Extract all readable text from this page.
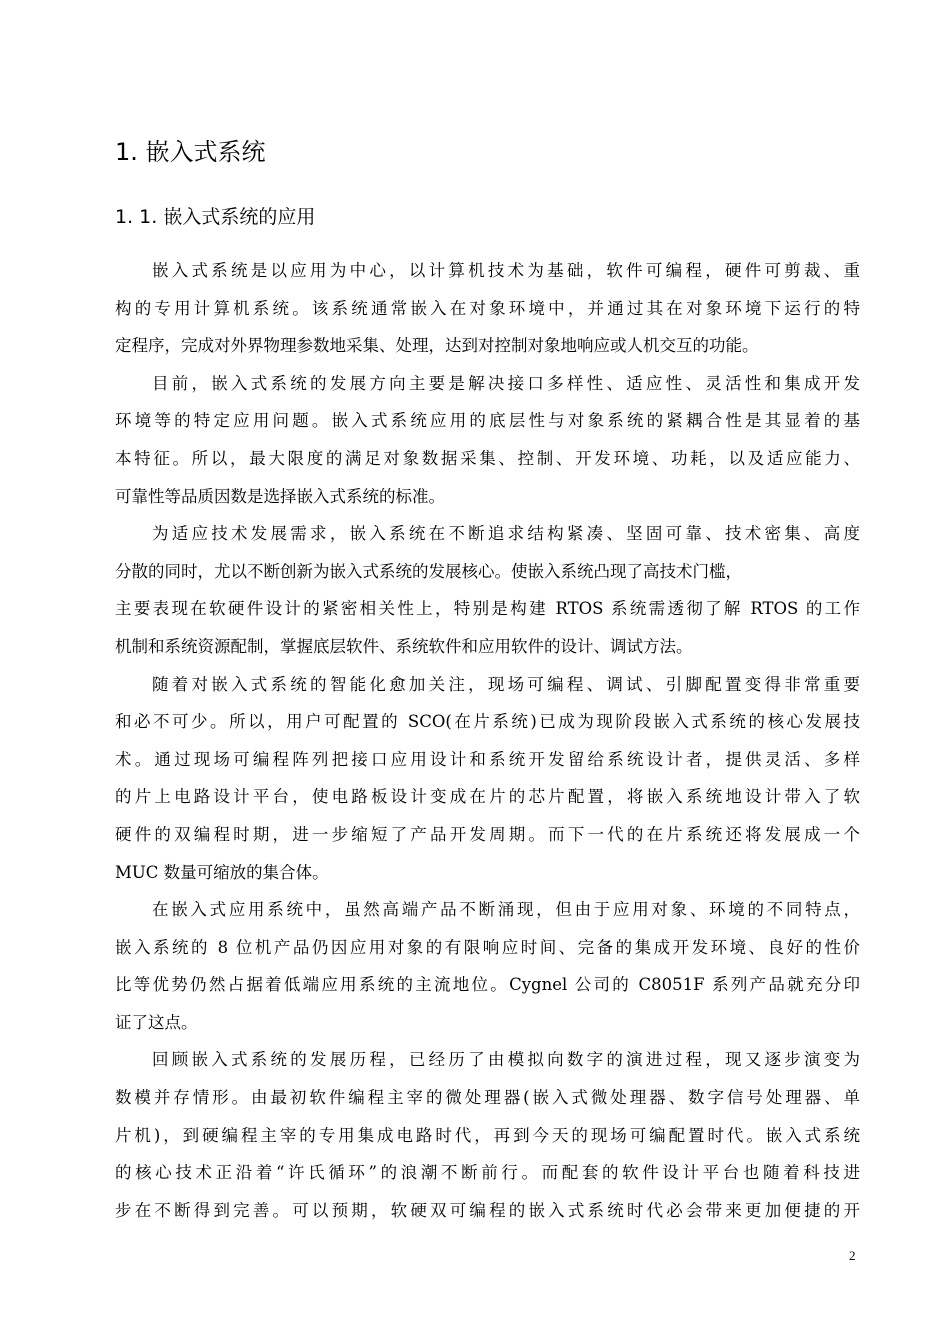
1. 嵌入式系统
1. 1. 嵌入式系统的应用
嵌入式系统是以应用为中心，以计算机技术为基础，软件可编程，硬件可剪裁、重
构的专用计算机系统。该系统通常嵌入在对象环境中，并通过其在对象环境下运行的特
定程序，完成对外界物理参数地采集、处理，达到对控制对象地响应或人机交互的功能。
目前，嵌入式系统的发展方向主要是解决接口多样性、适应性、灵活性和集成开发
环境等的特定应用问题。嵌入式系统应用的底层性与对象系统的紧耦合性是其显着的基
本特征。所以，最大限度的满足对象数据采集、控制、开发环境、功耗，以及适应能力、
可靠性等品质因数是选择嵌入式系统的标准。
为适应技术发展需求，嵌入系统在不断追求结构紧凑、坚固可靠、技术密集、高度
分散的同时，尤以不断创新为嵌入式系统的发展核心。使嵌入系统凸现了高技术门槛，
主要表现在软硬件设计的紧密相关性上，特别是构建 RTOS 系统需透彻了解 RTOS 的工作
机制和系统资源配制，掌握底层软件、系统软件和应用软件的设计、调试方法。
随着对嵌入式系统的智能化愈加关注，现场可编程、调试、引脚配置变得非常重要
和必不可少。所以，用户可配置的 SCO(在片系统)已成为现阶段嵌入式系统的核心发展技
术。通过现场可编程阵列把接口应用设计和系统开发留给系统设计者，提供灵活、多样
的片上电路设计平台，使电路板设计变成在片的芯片配置，将嵌入系统地设计带入了软
硬件的双编程时期，进一步缩短了产品开发周期。而下一代的在片系统还将发展成一个
MUC 数量可缩放的集合体。
在嵌入式应用系统中，虽然高端产品不断涌现，但由于应用对象、环境的不同特点，
嵌入系统的 8 位机产品仍因应用对象的有限响应时间、完备的集成开发环境、良好的性价
比等优势仍然占据着低端应用系统的主流地位。Cygnel 公司的 C8051F 系列产品就充分印
证了这点。
回顾嵌入式系统的发展历程，已经历了由模拟向数字的演进过程，现又逐步演变为
数模并存情形。由最初软件编程主宰的微处理器(嵌入式微处理器、数字信号处理器、单
片机)，到硬编程主宰的专用集成电路时代，再到今天的现场可编配置时代。嵌入式系统
的核心技术正沿着“许氏循环”的浪潮不断前行。而配套的软件设计平台也随着科技进
步在不断得到完善。可以预期，软硬双可编程的嵌入式系统时代必会带来更加便捷的开
2
